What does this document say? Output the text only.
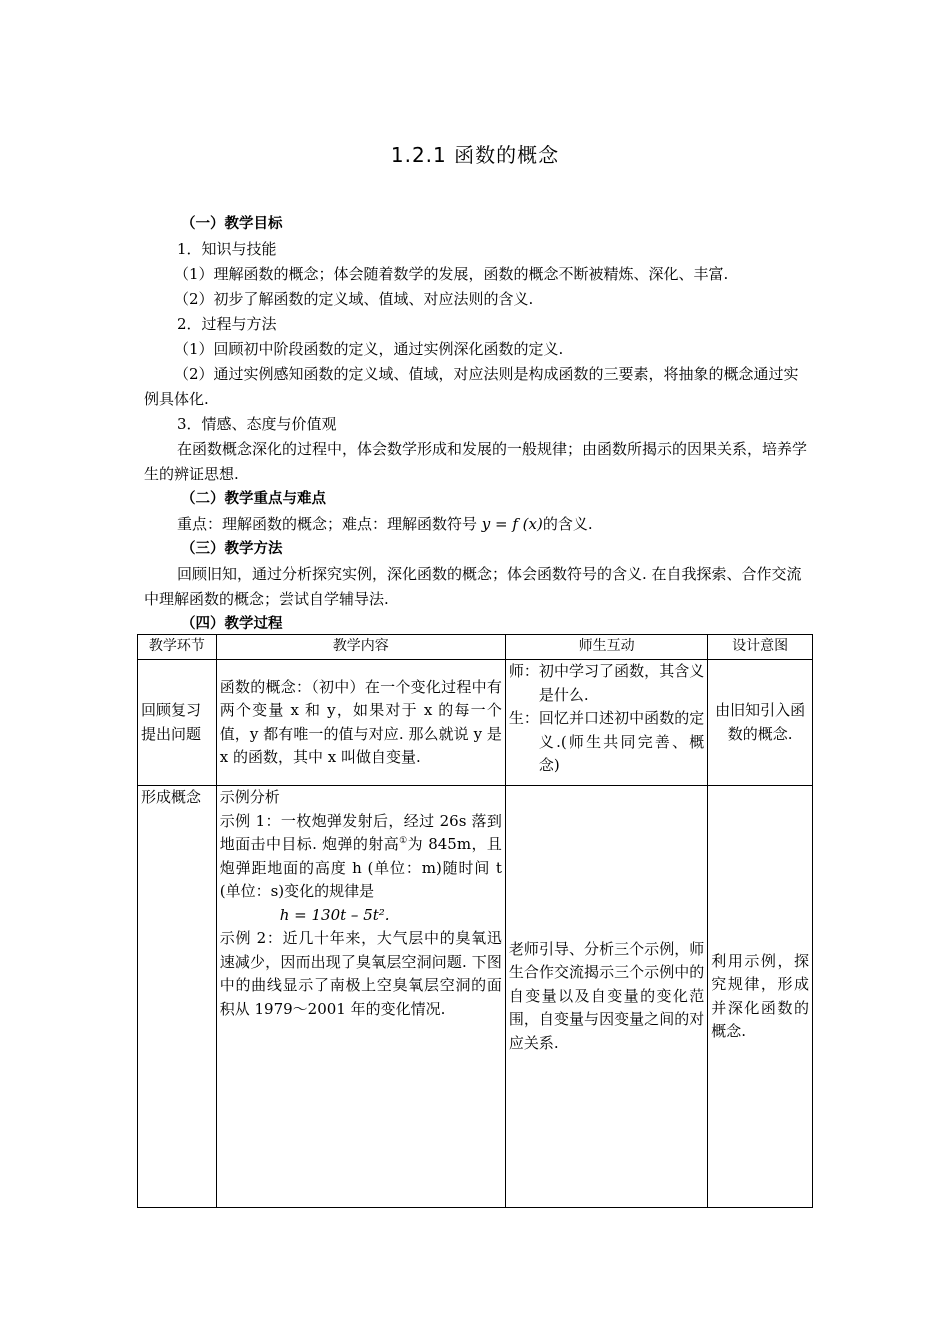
1.2.1 函数的概念
（一）教学目标
1．知识与技能
（1）理解函数的概念；体会随着数学的发展，函数的概念不断被精炼、深化、丰富.
（2）初步了解函数的定义域、值域、对应法则的含义.
2．过程与方法
（1）回顾初中阶段函数的定义，通过实例深化函数的定义.
（2）通过实例感知函数的定义域、值域，对应法则是构成函数的三要素，将抽象的概念通过实例具体化.
3．情感、态度与价值观
在函数概念深化的过程中，体会数学形成和发展的一般规律；由函数所揭示的因果关系，培养学生的辨证思想.
（二）教学重点与难点
重点：理解函数的概念；难点：理解函数符号 y = f (x)的含义.
（三）教学方法
回顾旧知，通过分析探究实例，深化函数的概念；体会函数符号的含义. 在自我探索、合作交流中理解函数的概念；尝试自学辅导法.
（四）教学过程
教学环节	教学内容	师生互动	设计意图
回顾复习提出问题	函数的概念：（初中）在一个变化过程中有两个变量 x 和 y，如果对于 x 的每一个值，y 都有唯一的值与对应. 那么就说 y 是 x 的函数，其中 x 叫做自变量.	师： 初中学习了函数，其含义是什么.
生： 回忆并口述初中函数的定义.(师生共同完善、概念)	由旧知引入函数的概念.
形成概念	示例分析
示例 1：一枚炮弹发射后，经过 26s 落到地面击中目标. 炮弹的射高①为 845m，且炮弹距地面的高度 h (单位：m)随时间 t (单位：s)变化的规律是
h = 130t – 5t².
示例 2：近几十年来，大气层中的臭氧迅速减少，因而出现了臭氧层空洞问题. 下图中的曲线显示了南极上空臭氧层空洞的面积从 1979～2001 年的变化情况.	老师引导、分析三个示例，师生合作交流揭示三个示例中的自变量以及自变量的变化范围，自变量与因变量之间的对应关系.	利用示例，探究规律，形成并深化函数的概念.
